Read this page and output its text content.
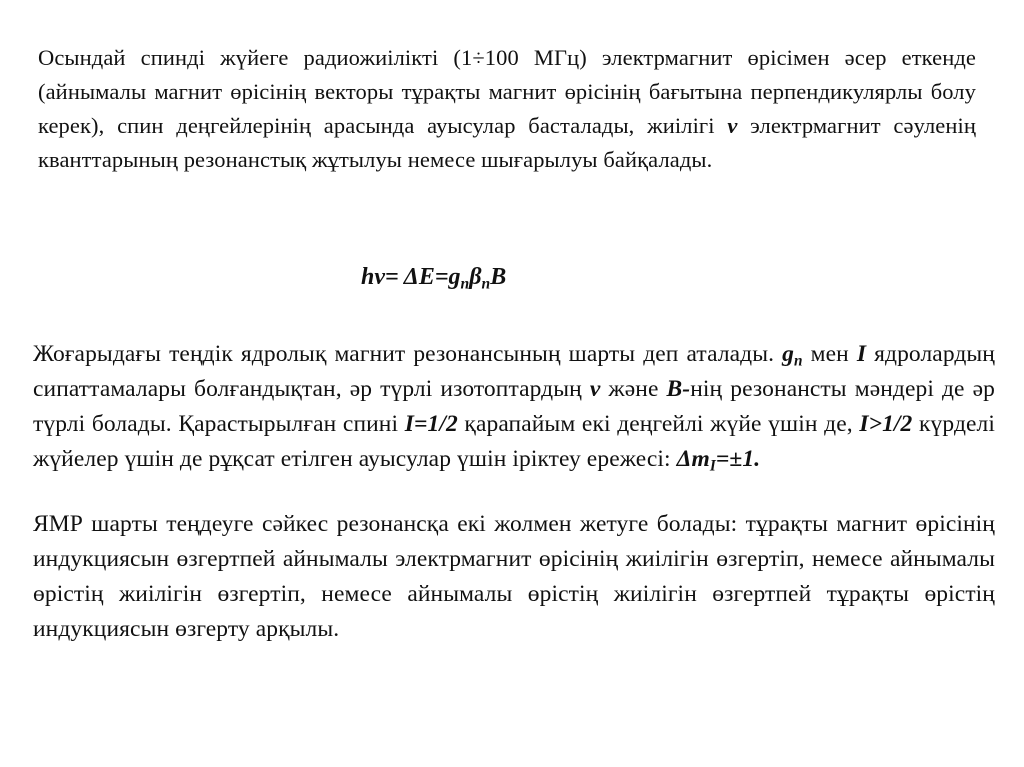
Осындай спинді жүйеге радиожиілікті (1÷100 МГц) электрмагнит өрісімен әсер еткенде (айнымалы магнит өрісінің векторы тұрақты магнит өрісінің бағытына перпендикулярлы болу керек), спин деңгейлерінің арасында ауысулар басталады, жиілігі ν электрмагнит сәуленің кванттарының резонанстық жұтылуы немесе шығарылуы байқалады.

$h\nu= \Delta E=g_n\beta_nB$

Жоғарыдағы теңдік ядролық магнит резонансының шарты деп аталады. $g_n$ мен I ядролардың сипаттамалары болғандықтан, әр түрлі изотоптардың ν және B-нің резонансты мәндері де әр түрлі болады. Қарастырылған спині I=1/2 қарапайым екі деңгейлі жүйе үшін де, I>1/2 күрделі жүйелер үшін де рұқсат етілген ауысулар үшін іріктеу ережесі: $\Delta m_I=\pm 1$.

ЯМР шарты теңдеуге сәйкес резонансқа екі жолмен жетуге болады: тұрақты магнит өрісінің индукциясын өзгертпей айнымалы электрмагнит өрісінің жиілігін өзгертіп, немесе айнымалы өрістің жиілігін өзгертіп, немесе айнымалы өрістің жиілігін өзгертпей тұрақты өрістің индукциясын өзгерту арқылы.
